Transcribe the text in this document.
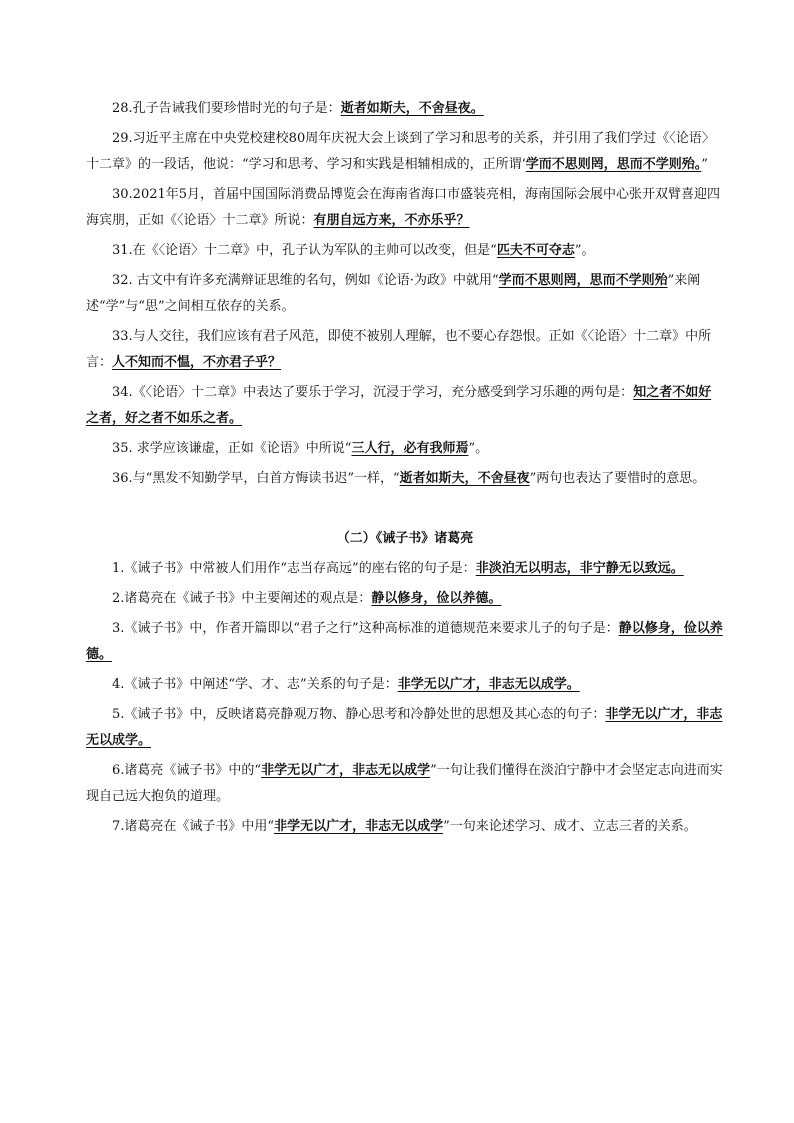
28.孔子告诫我们要珍惜时光的句子是：逝者如斯夫，不舍昼夜。

29.习近平主席在中央党校建校80周年庆祝大会上谈到了学习和思考的关系，并引用了我们学过《〈论语〉十二章》的一段话，他说：“学习和思考、学习和实践是相辅相成的，正所谓‘学而不思则罔，思而不学则殆。”

30.2021年5月，首届中国国际消费品博览会在海南省海口市盛装亮相，海南国际会展中心张开双臂喜迎四海宾朋，正如《〈论语〉十二章》所说：有朋自远方来，不亦乐乎？

31.在《〈论语〉十二章》中，孔子认为军队的主帅可以改变，但是“匹夫不可夺志”。

32. 古文中有许多充满辩证思维的名句，例如《论语·为政》中就用“学而不思则罔，思而不学则殆”来阐述“学”与“思”之间相互依存的关系。

33.与人交往，我们应该有君子风范，即使不被别人理解，也不要心存怨恨。正如《〈论语〉十二章》中所言：人不知而不愠，不亦君子乎？

34.《〈论语〉十二章》中表达了要乐于学习，沉浸于学习，充分感受到学习乐趣的两句是：知之者不如好之者，好之者不如乐之者。

35. 求学应该谦虚，正如《论语》中所说“三人行，必有我师焉”。

36.与“黑发不知勤学早，白首方悔读书迟”一样，“逝者如斯夫，不舍昼夜”两句也表达了要惜时的意思。

（二）《诫子书》诸葛亮

1.《诫子书》中常被人们用作“志当存高远”的座右铭的句子是：非淡泊无以明志，非宁静无以致远。

2.诸葛亮在《诫子书》中主要阐述的观点是：静以修身，俭以养德。

3.《诫子书》中，作者开篇即以“君子之行”这种高标准的道德规范来要求儿子的句子是：静以修身，俭以养德。

4.《诫子书》中阐述“学、才、志”关系的句子是：非学无以广才，非志无以成学。

5.《诫子书》中，反映诸葛亮静观万物、静心思考和冷静处世的思想及其心态的句子：非学无以广才，非志无以成学。

6.诸葛亮《诫子书》中的“非学无以广才，非志无以成学”一句让我们懂得在淡泊宁静中才会坚定志向进而实现自己远大抱负的道理。

7.诸葛亮在《诫子书》中用“非学无以广才，非志无以成学”一句来论述学习、成才、立志三者的关系。
